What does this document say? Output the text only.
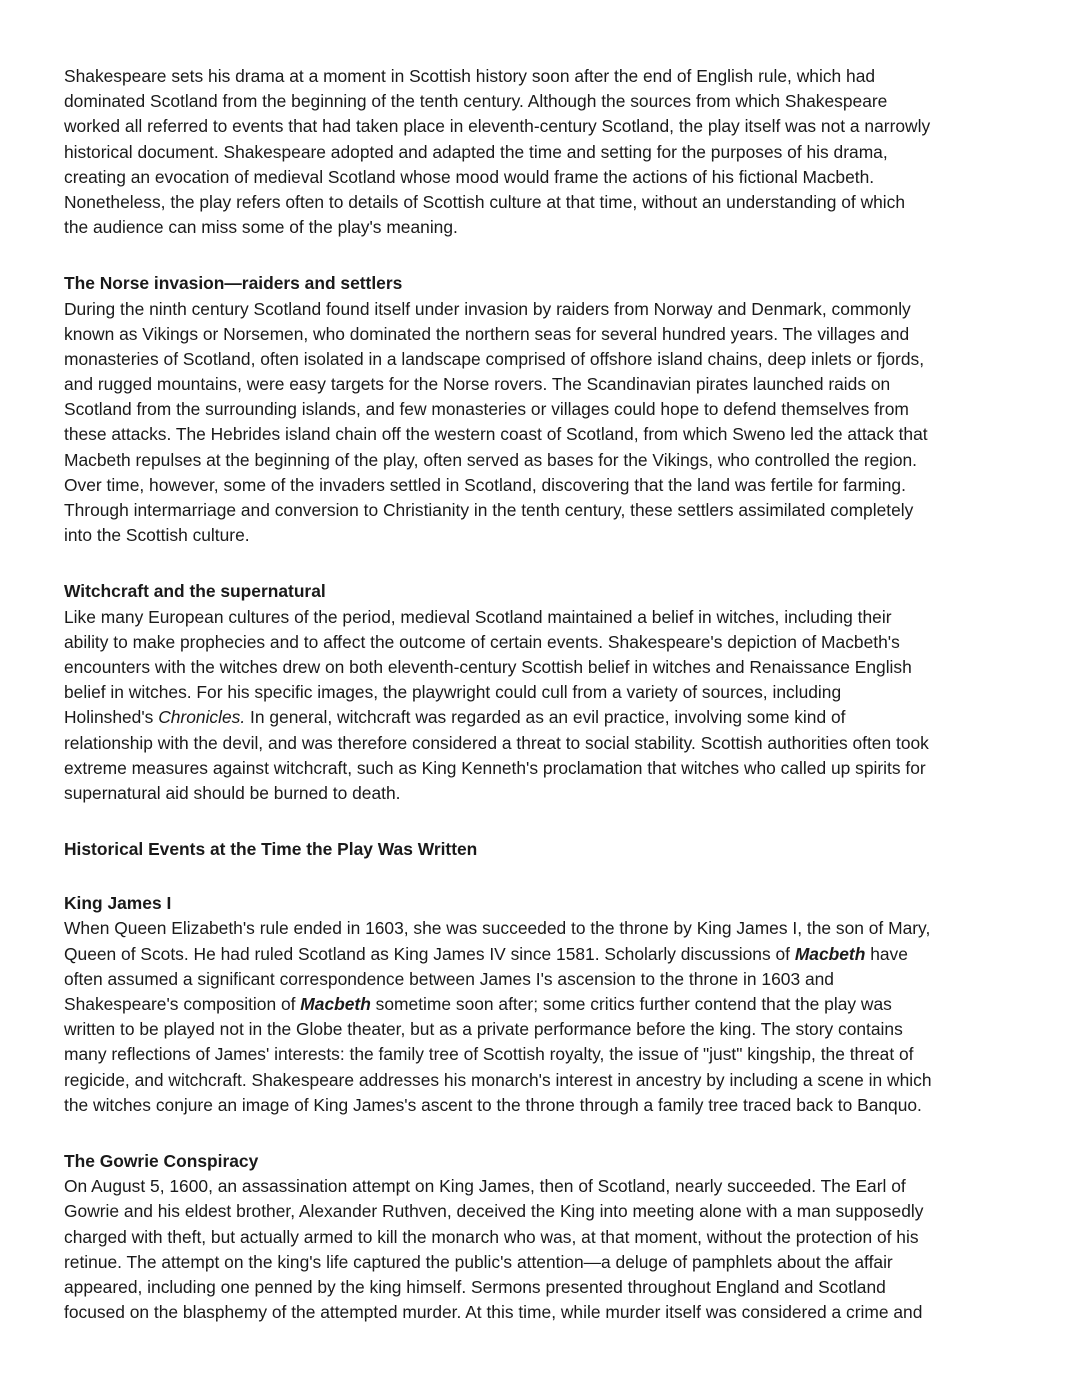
Shakespeare sets his drama at a moment in Scottish history soon after the end of English rule, which had
dominated Scotland from the beginning of the tenth century. Although the sources from which Shakespeare
worked all referred to events that had taken place in eleventh-century Scotland, the play itself was not a narrowly
historical document. Shakespeare adopted and adapted the time and setting for the purposes of his drama,
creating an evocation of medieval Scotland whose mood would frame the actions of his fictional Macbeth.
Nonetheless, the play refers often to details of Scottish culture at that time, without an understanding of which
the audience can miss some of the play's meaning.

The Norse invasion—raiders and settlers

During the ninth century Scotland found itself under invasion by raiders from Norway and Denmark, commonly
known as Vikings or Norsemen, who dominated the northern seas for several hundred years. The villages and
monasteries of Scotland, often isolated in a landscape comprised of offshore island chains, deep inlets or fjords,
and rugged mountains, were easy targets for the Norse rovers. The Scandinavian pirates launched raids on
Scotland from the surrounding islands, and few monasteries or villages could hope to defend themselves from
these attacks. The Hebrides island chain off the western coast of Scotland, from which Sweno led the attack that
Macbeth repulses at the beginning of the play, often served as bases for the Vikings, who controlled the region.
Over time, however, some of the invaders settled in Scotland, discovering that the land was fertile for farming.
Through intermarriage and conversion to Christianity in the tenth century, these settlers assimilated completely
into the Scottish culture.

Witchcraft and the supernatural

Like many European cultures of the period, medieval Scotland maintained a belief in witches, including their
ability to make prophecies and to affect the outcome of certain events. Shakespeare's depiction of Macbeth's
encounters with the witches drew on both eleventh-century Scottish belief in witches and Renaissance English
belief in witches. For his specific images, the playwright could cull from a variety of sources, including
Holinshed's Chronicles. In general, witchcraft was regarded as an evil practice, involving some kind of
relationship with the devil, and was therefore considered a threat to social stability. Scottish authorities often took
extreme measures against witchcraft, such as King Kenneth's proclamation that witches who called up spirits for
supernatural aid should be burned to death.

Historical Events at the Time the Play Was Written
King James I

When Queen Elizabeth's rule ended in 1603, she was succeeded to the throne by King James I, the son of Mary,
Queen of Scots. He had ruled Scotland as King James IV since 1581. Scholarly discussions of Macbeth have
often assumed a significant correspondence between James I's ascension to the throne in 1603 and
Shakespeare's composition of Macbeth sometime soon after; some critics further contend that the play was
written to be played not in the Globe theater, but as a private performance before the king. The story contains
many reflections of James' interests: the family tree of Scottish royalty, the issue of "just" kingship, the threat of
regicide, and witchcraft. Shakespeare addresses his monarch's interest in ancestry by including a scene in which
the witches conjure an image of King James's ascent to the throne through a family tree traced back to Banquo.

The Gowrie Conspiracy

On August 5, 1600, an assassination attempt on King James, then of Scotland, nearly succeeded. The Earl of
Gowrie and his eldest brother, Alexander Ruthven, deceived the King into meeting alone with a man supposedly
charged with theft, but actually armed to kill the monarch who was, at that moment, without the protection of his
retinue. The attempt on the king's life captured the public's attention—a deluge of pamphlets about the affair
appeared, including one penned by the king himself. Sermons presented throughout England and Scotland
focused on the blasphemy of the attempted murder. At this time, while murder itself was considered a crime and
